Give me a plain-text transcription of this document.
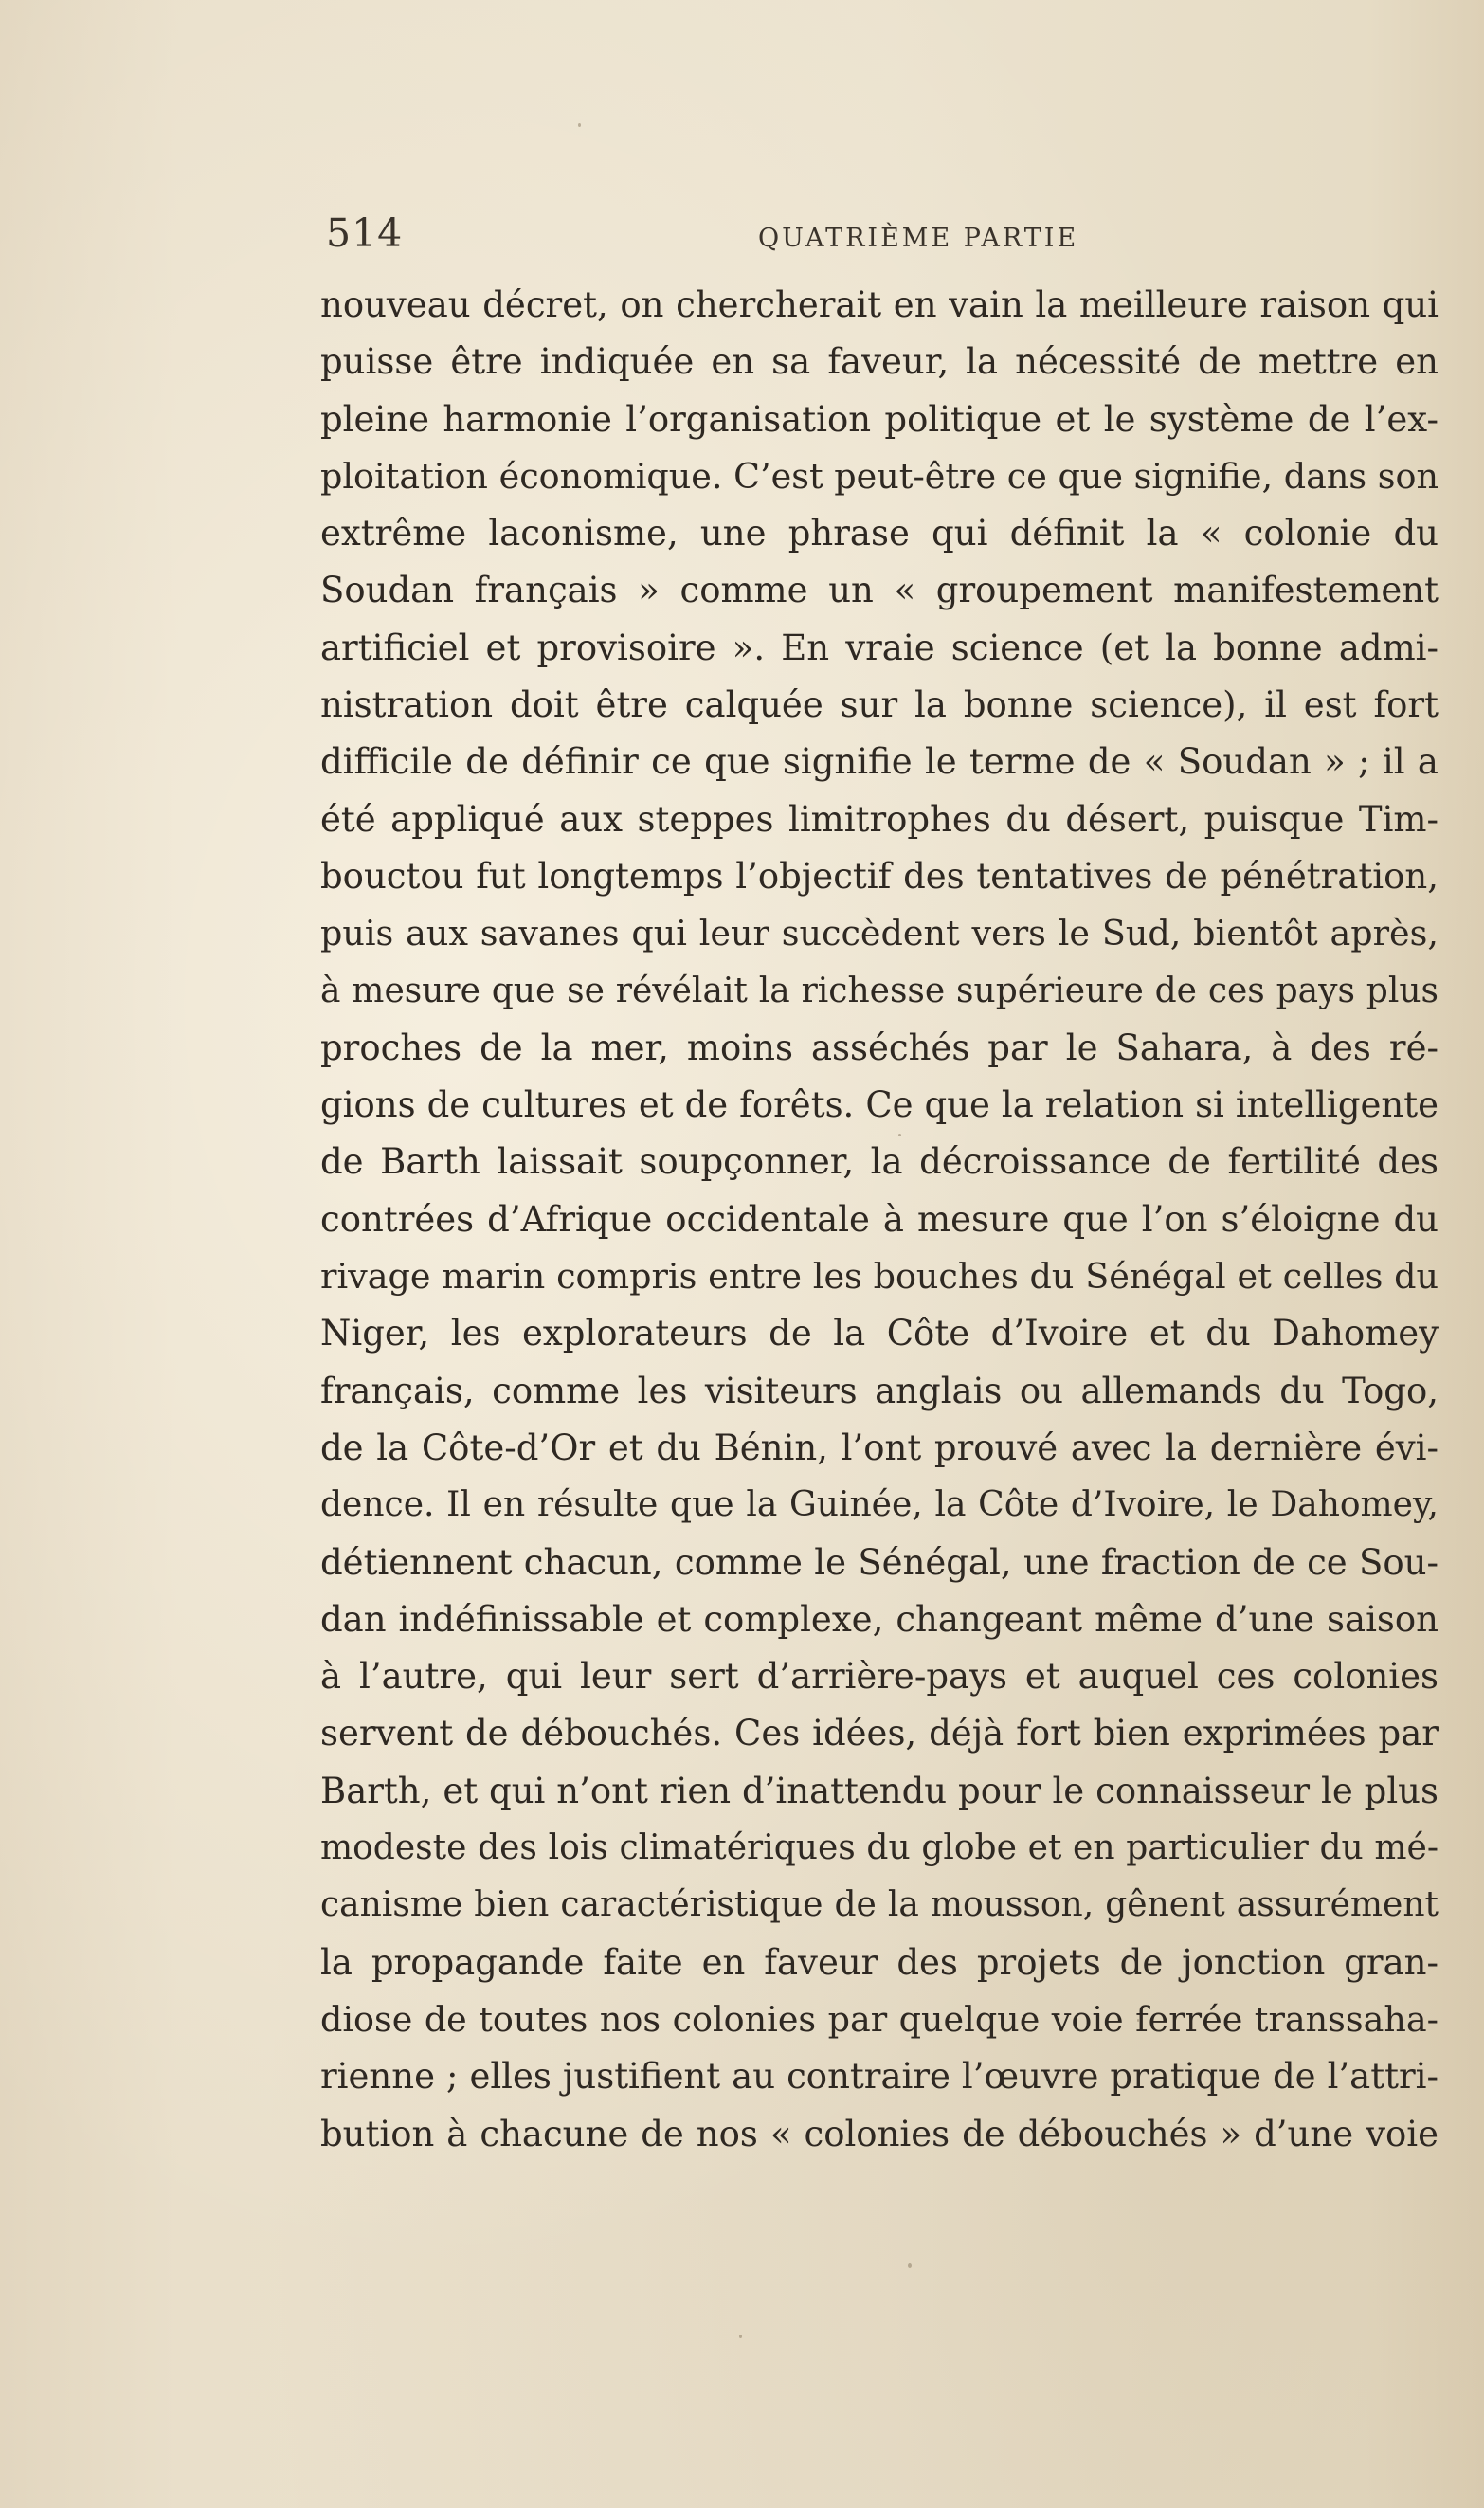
514	QUATRIÈME PARTIE
nouveau décret, on chercherait en vain la meilleure raison qui
puisse être indiquée en sa faveur, la nécessité de mettre en
pleine harmonie l’organisation politique et le système de l’ex-
ploitation économique. C’est peut-être ce que signifie, dans son
extrême laconisme, une phrase qui définit la « colonie du
Soudan français » comme un « groupement manifestement
artificiel et provisoire ». En vraie science (et la bonne admi-
nistration doit être calquée sur la bonne science), il est fort
difficile de définir ce que signifie le terme de « Soudan » ; il a
été appliqué aux steppes limitrophes du désert, puisque Tim-
bouctou fut longtemps l’objectif des tentatives de pénétration,
puis aux savanes qui leur succèdent vers le Sud, bientôt après,
à mesure que se révélait la richesse supérieure de ces pays plus
proches de la mer, moins asséchés par le Sahara, à des ré-
gions de cultures et de forêts. Ce que la relation si intelligente
de Barth laissait soupçonner, la décroissance de fertilité des
contrées d’Afrique occidentale à mesure que l’on s’éloigne du
rivage marin compris entre les bouches du Sénégal et celles du
Niger, les explorateurs de la Côte d’Ivoire et du Dahomey
français, comme les visiteurs anglais ou allemands du Togo,
de la Côte-d’Or et du Bénin, l’ont prouvé avec la dernière évi-
dence. Il en résulte que la Guinée, la Côte d’Ivoire, le Dahomey,
détiennent chacun, comme le Sénégal, une fraction de ce Sou-
dan indéfinissable et complexe, changeant même d’une saison
à l’autre, qui leur sert d’arrière-pays et auquel ces colonies
servent de débouchés. Ces idées, déjà fort bien exprimées par
Barth, et qui n’ont rien d’inattendu pour le connaisseur le plus
modeste des lois climatériques du globe et en particulier du mé-
canisme bien caractéristique de la mousson, gênent assurément
la propagande faite en faveur des projets de jonction gran-
diose de toutes nos colonies par quelque voie ferrée transsaha-
rienne ; elles justifient au contraire l’œuvre pratique de l’attri-
bution à chacune de nos « colonies de débouchés » d’une voie
